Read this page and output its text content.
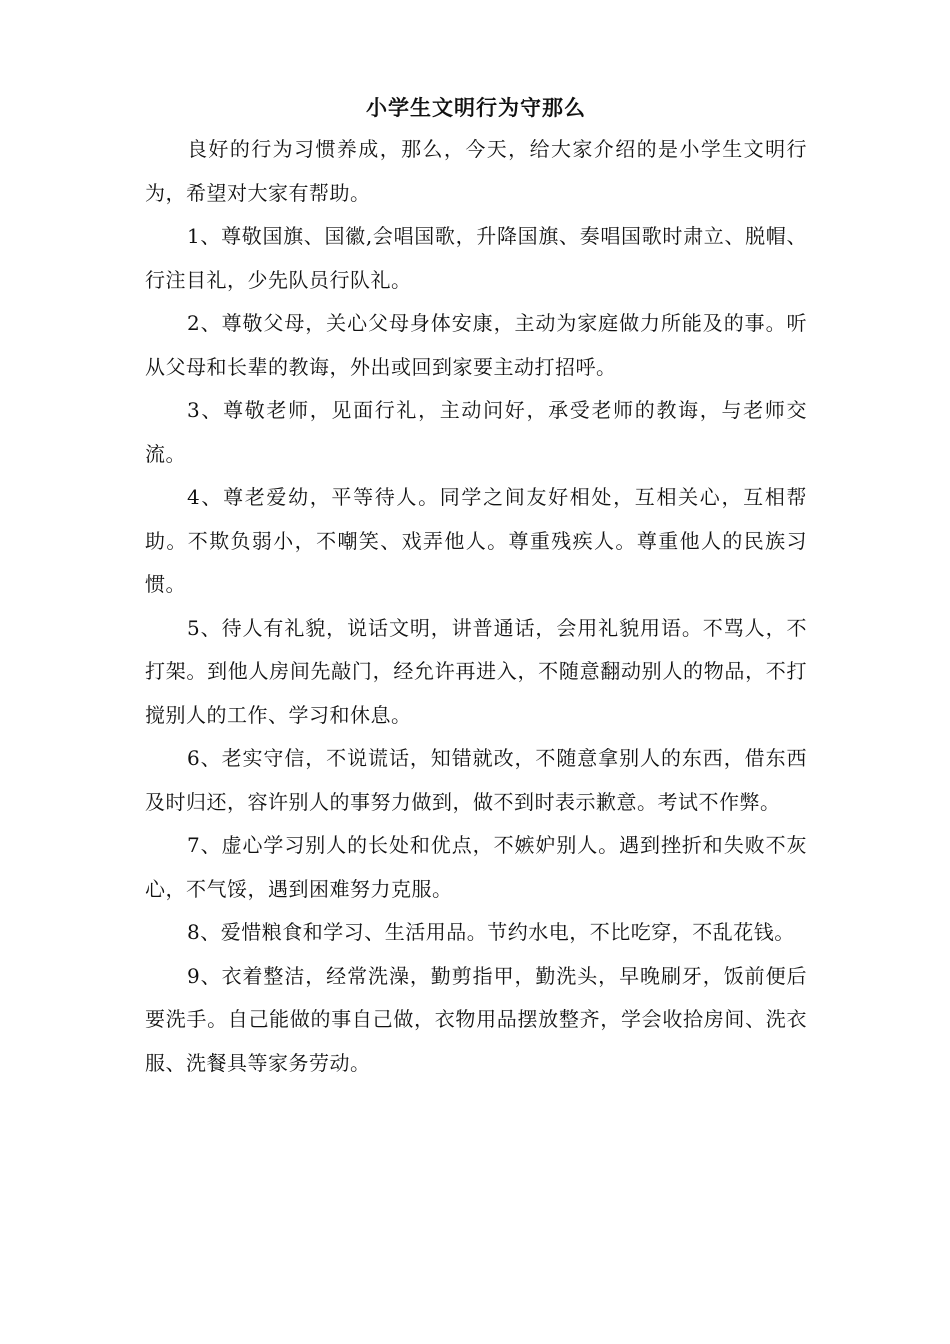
小学生文明行为守那么

良好的行为习惯养成，那么，今天，给大家介绍的是小学生文明行为，希望对大家有帮助。

1、尊敬国旗、国徽,会唱国歌，升降国旗、奏唱国歌时肃立、脱帽、行注目礼，少先队员行队礼。

2、尊敬父母，关心父母身体安康，主动为家庭做力所能及的事。听从父母和长辈的教诲，外出或回到家要主动打招呼。

3、尊敬老师，见面行礼，主动问好，承受老师的教诲，与老师交流。

4、尊老爱幼，平等待人。同学之间友好相处，互相关心，互相帮助。不欺负弱小，不嘲笑、戏弄他人。尊重残疾人。尊重他人的民族习惯。

5、待人有礼貌，说话文明，讲普通话，会用礼貌用语。不骂人，不打架。到他人房间先敲门，经允许再进入，不随意翻动别人的物品，不打搅别人的工作、学习和休息。

6、老实守信，不说谎话，知错就改，不随意拿别人的东西，借东西及时归还，容许别人的事努力做到，做不到时表示歉意。考试不作弊。

7、虚心学习别人的长处和优点，不嫉妒别人。遇到挫折和失败不灰心，不气馁，遇到困难努力克服。

8、爱惜粮食和学习、生活用品。节约水电，不比吃穿，不乱花钱。

9、衣着整洁，经常洗澡，勤剪指甲，勤洗头，早晚刷牙，饭前便后要洗手。自己能做的事自己做，衣物用品摆放整齐，学会收拾房间、洗衣服、洗餐具等家务劳动。
